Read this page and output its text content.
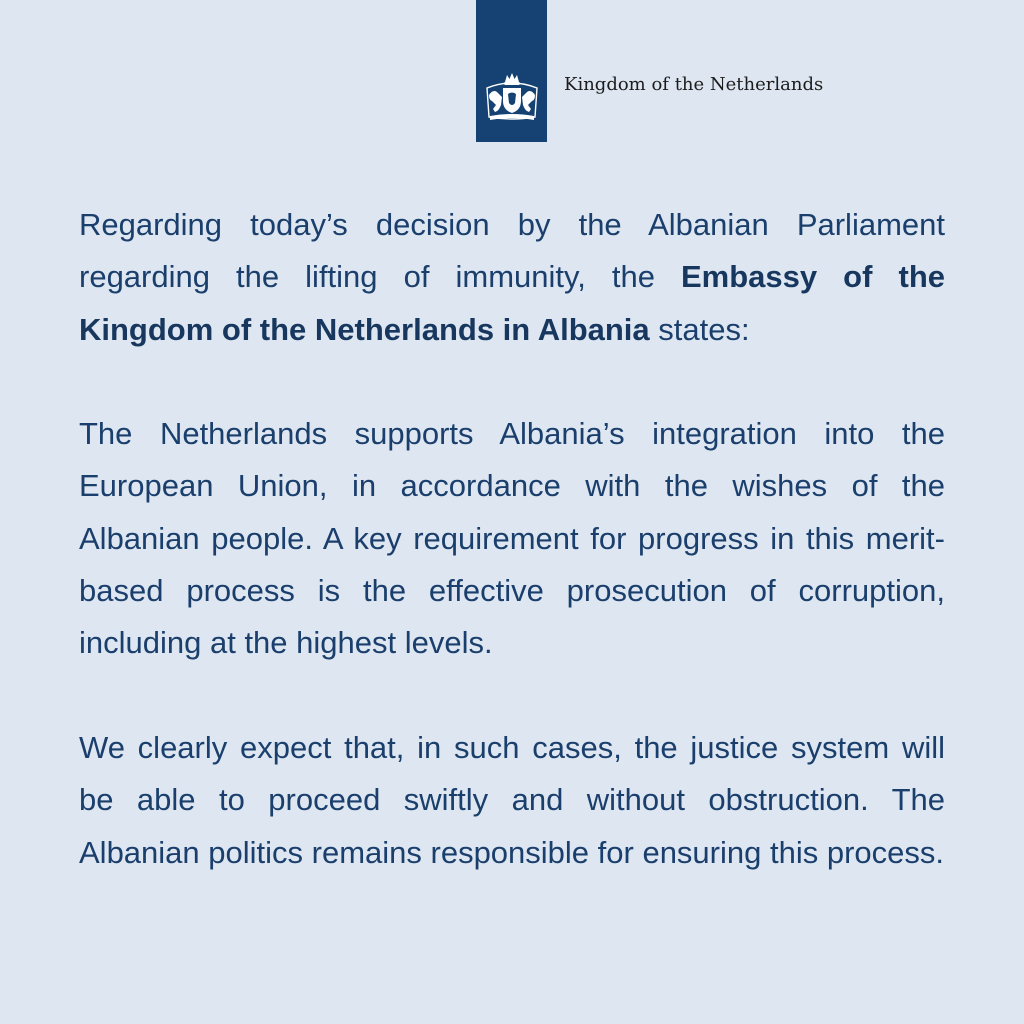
Kingdom of the Netherlands

Regarding today’s decision by the Albanian Parliament regarding the lifting of immunity, the Embassy of the Kingdom of the Netherlands in Albania states:

The Netherlands supports Albania’s integration into the European Union, in accordance with the wishes of the Albanian people. A key requirement for progress in this merit-based process is the effective prosecution of corruption, including at the highest levels.

We clearly expect that, in such cases, the justice system will be able to proceed swiftly and without obstruction. The Albanian politics remains responsible for ensuring this process.
